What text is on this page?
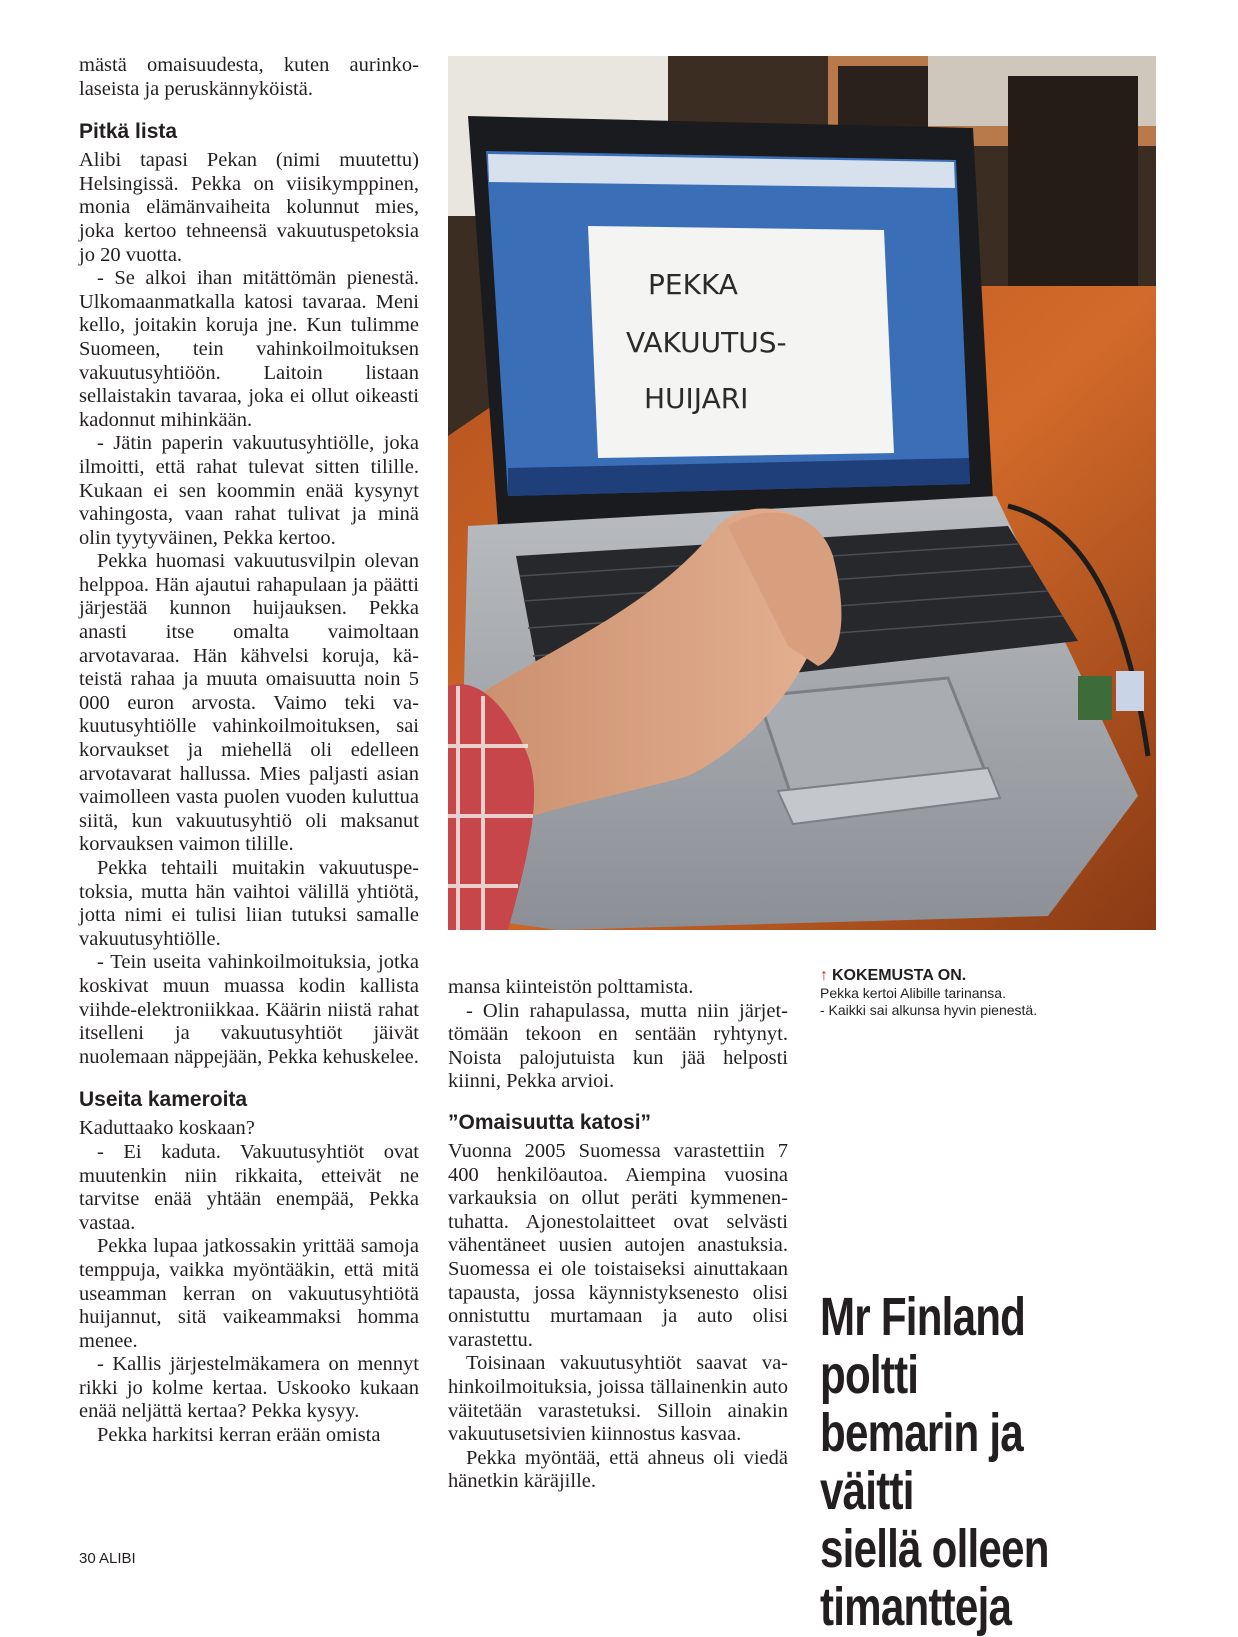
mästä omaisuudesta, kuten aurinkolaseista ja peruskännyköistä.

Pitkä lista

Alibi tapasi Pekan (nimi muutettu) Helsingissä. Pekka on viisikymppinen, monia elämänvaiheita kolunnut mies, joka kertoo tehneensä vakuutuspetoksia jo 20 vuotta.

- Se alkoi ihan mitättömän pienestä. Ulkomaanmatkalla katosi tavaraa. Meni kello, joitakin koruja jne. Kun tulimme Suomeen, tein vahinkoilmoituksen vakuutusyhtiöön. Laitoin listaan sellaistakin tavaraa, joka ei ollut oikeasti kadonnut mihinkään.

- Jätin paperin vakuutusyhtiölle, joka ilmoitti, että rahat tulevat sitten tilille. Kukaan ei sen koommin enää kysynyt vahingosta, vaan rahat tulivat ja minä olin tyytyväinen, Pekka kertoo.

Pekka huomasi vakuutusvilpin olevan helppoa. Hän ajautui rahapulaan ja päätti järjestää kunnon huijauksen. Pekka anasti itse omalta vaimoltaan arvotavaraa. Hän kähvelsi koruja, käteistä rahaa ja muuta omaisuutta noin 5 000 euron arvosta. Vaimo teki vakuutusyhtiölle vahinkoilmoituksen, sai korvaukset ja miehellä oli edelleen arvotavarat hallussa. Mies paljasti asian vaimolleen vasta puolen vuoden kuluttua siitä, kun vakuutusyhtiö oli maksanut korvauksen vaimon tilille.

Pekka tehtaili muitakin vakuutuspetoksia, mutta hän vaihtoi välillä yhtiötä, jotta nimi ei tulisi liian tutuksi samalle vakuutusyhtiölle.

- Tein useita vahinkoilmoituksia, jotka koskivat muun muassa kodin kallista viihde-elektroniikkaa. Käärin niistä rahat itselleni ja vakuutusyhtiöt jäivät nuolemaan näppejään, Pekka kehuskelee.

Useita kameroita

Kaduttaako koskaan?

- Ei kaduta. Vakuutusyhtiöt ovat muutenkin niin rikkaita, etteivät ne tarvitse enää yhtään enempää, Pekka vastaa.

Pekka lupaa jatkossakin yrittää samoja temppuja, vaikka myöntääkin, että mitä useamman kerran on vakuutusyhtiötä huijannut, sitä vaikeammaksi homma menee.

- Kallis järjestelmäkamera on mennyt rikki jo kolme kertaa. Uskooko kukaan enää neljättä kertaa? Pekka kysyy.

Pekka harkitsi kerran erään omista

PEKKA
VAKUUTUS-
HUIJARI

mansa kiinteistön polttamista.

- Olin rahapulassa, mutta niin järjettömään tekoon en sentään ryhtynyt. Noista palojutuista kun jää helposti kiinni, Pekka arvioi.

”Omaisuutta katosi”

Vuonna 2005 Suomessa varastettiin 7 400 henkilöautoa. Aiempina vuosina varkauksia on ollut peräti kymmenentuhatta. Ajonestolaitteet ovat selvästi vähentäneet uusien autojen anastuksia. Suomessa ei ole toistaiseksi ainuttakaan tapausta, jossa käynnistyksenesto olisi onnistuttu murtamaan ja auto olisi varastettu.

Toisinaan vakuutusyhtiöt saavat vahinkoilmoituksia, joissa tällainenkin auto väitetään varastetuksi. Silloin ainakin vakuutusetsivien kiinnostus kasvaa.

Pekka myöntää, että ahneus oli viedä hänetkin käräjille.

↑ KOKEMUSTA ON.
Pekka kertoi Alibille tarinansa.
- Kaikki sai alkunsa hyvin pienestä.
Mr Finland poltti
bemarin ja väitti
siellä olleen
timantteja
30 ALIBI
